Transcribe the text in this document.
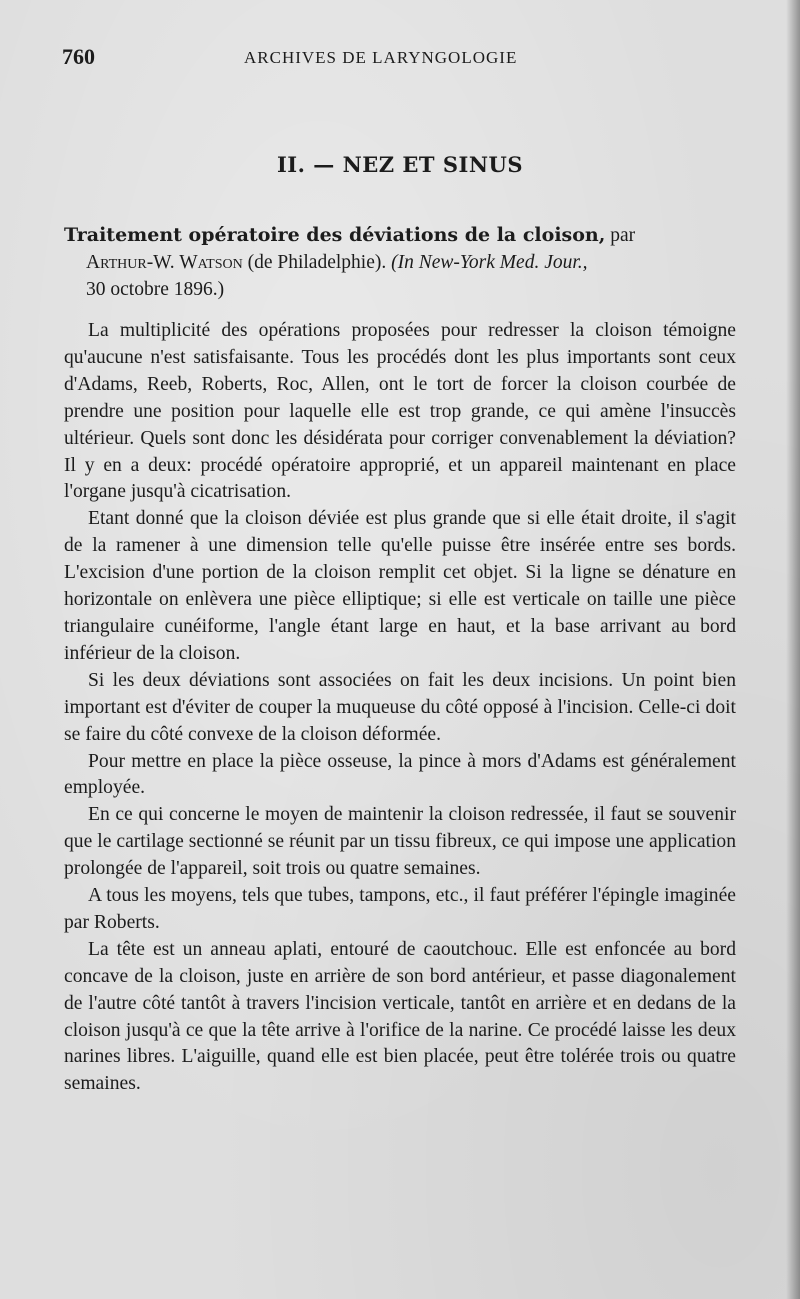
760	ARCHIVES DE LARYNGOLOGIE
II. — NEZ ET SINUS
Traitement opératoire des déviations de la cloison, par
Arthur-W. Watson (de Philadelphie). (In New-York Med. Jour.,
30 octobre 1896.)

La multiplicité des opérations proposées pour redresser la cloison témoigne qu'aucune n'est satisfaisante. Tous les procédés dont les plus importants sont ceux d'Adams, Reeb, Roberts, Roc, Allen, ont le tort de forcer la cloison courbée de prendre une position pour laquelle elle est trop grande, ce qui amène l'insuccès ultérieur. Quels sont donc les désidérata pour corriger convenablement la déviation? Il y en a deux: procédé opératoire approprié, et un appareil maintenant en place l'organe jusqu'à cicatrisation.

Etant donné que la cloison déviée est plus grande que si elle était droite, il s'agit de la ramener à une dimension telle qu'elle puisse être insérée entre ses bords. L'excision d'une portion de la cloison remplit cet objet. Si la ligne se dénature en horizontale on enlèvera une pièce elliptique; si elle est verticale on taille une pièce triangulaire cunéiforme, l'angle étant large en haut, et la base arrivant au bord inférieur de la cloison.

Si les deux déviations sont associées on fait les deux incisions. Un point bien important est d'éviter de couper la muqueuse du côté opposé à l'incision. Celle-ci doit se faire du côté convexe de la cloison déformée.

Pour mettre en place la pièce osseuse, la pince à mors d'Adams est généralement employée.

En ce qui concerne le moyen de maintenir la cloison redressée, il faut se souvenir que le cartilage sectionné se réunit par un tissu fibreux, ce qui impose une application prolongée de l'appareil, soit trois ou quatre semaines.

A tous les moyens, tels que tubes, tampons, etc., il faut préférer l'épingle imaginée par Roberts.

La tête est un anneau aplati, entouré de caoutchouc. Elle est enfoncée au bord concave de la cloison, juste en arrière de son bord antérieur, et passe diagonalement de l'autre côté tantôt à travers l'incision verticale, tantôt en arrière et en dedans de la cloison jusqu'à ce que la tête arrive à l'orifice de la narine. Ce procédé laisse les deux narines libres. L'aiguille, quand elle est bien placée, peut être tolérée trois ou quatre semaines.
